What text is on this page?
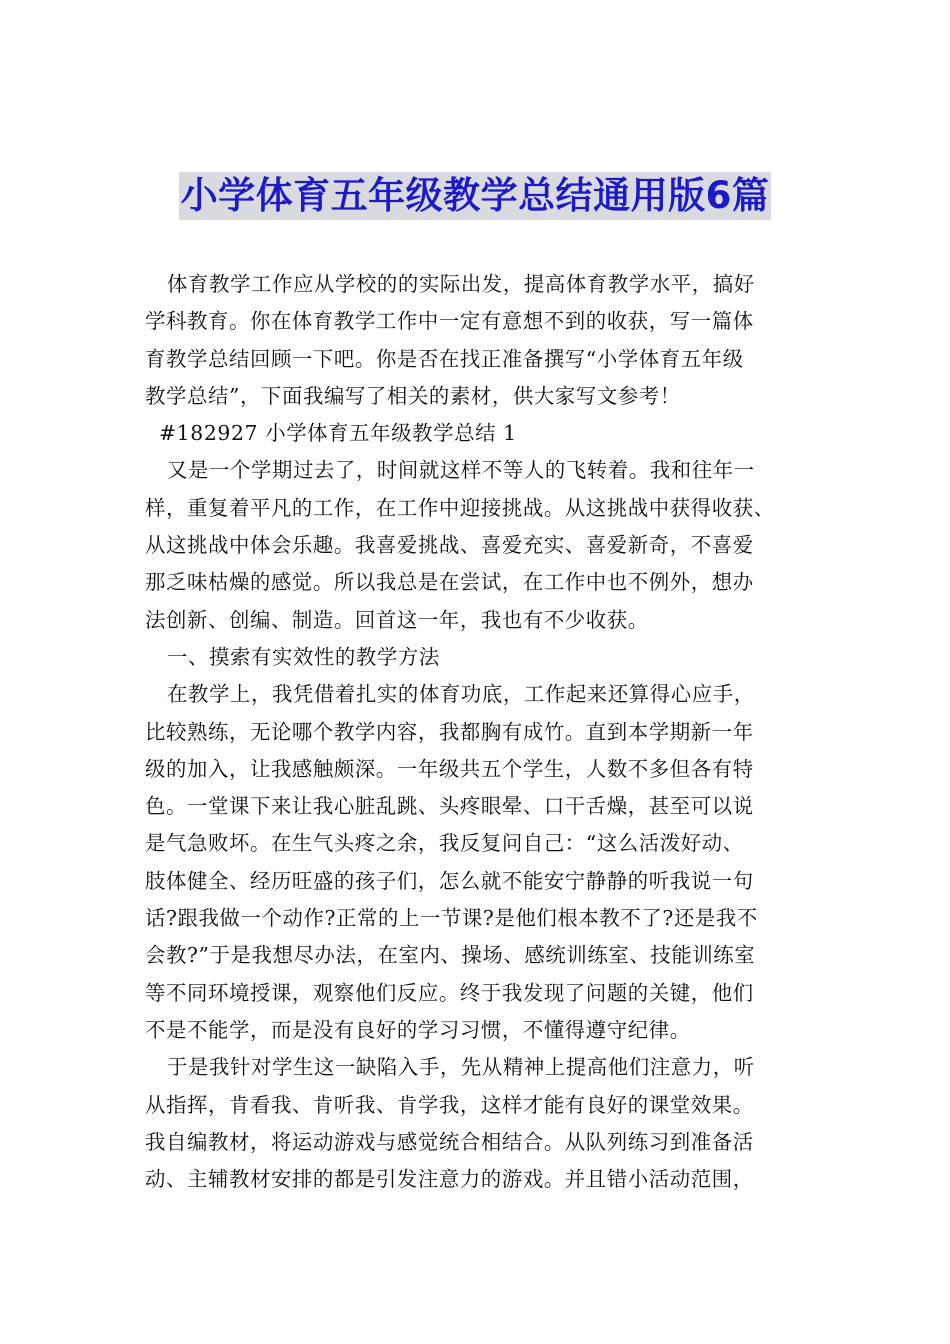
小学体育五年级教学总结通用版6篇
体育教学工作应从学校的的实际出发，提高体育教学水平，搞好
学科教育。你在体育教学工作中一定有意想不到的收获，写一篇体
育教学总结回顾一下吧。你是否在找正准备撰写“小学体育五年级
教学总结”，下面我编写了相关的素材，供大家写文参考！
#182927 小学体育五年级教学总结 1
又是一个学期过去了，时间就这样不等人的飞转着。我和往年一
样，重复着平凡的工作，在工作中迎接挑战。从这挑战中获得收获、
从这挑战中体会乐趣。我喜爱挑战、喜爱充实、喜爱新奇，不喜爱
那乏味枯燥的感觉。所以我总是在尝试，在工作中也不例外，想办
法创新、创编、制造。回首这一年，我也有不少收获。
一、摸索有实效性的教学方法
在教学上，我凭借着扎实的体育功底，工作起来还算得心应手，
比较熟练，无论哪个教学内容，我都胸有成竹。直到本学期新一年
级的加入，让我感触颇深。一年级共五个学生，人数不多但各有特
色。一堂课下来让我心脏乱跳、头疼眼晕、口干舌燥，甚至可以说
是气急败坏。在生气头疼之余，我反复问自己：“这么活泼好动、
肢体健全、经历旺盛的孩子们，怎么就不能安宁静静的听我说一句
话?跟我做一个动作?正常的上一节课?是他们根本教不了?还是我不
会教?”于是我想尽办法，在室内、操场、感统训练室、技能训练室
等不同环境授课，观察他们反应。终于我发现了问题的关键，他们
不是不能学，而是没有良好的学习习惯，不懂得遵守纪律。
于是我针对学生这一缺陷入手，先从精神上提高他们注意力，听
从指挥，肯看我、肯听我、肯学我，这样才能有良好的课堂效果。
我自编教材，将运动游戏与感觉统合相结合。从队列练习到准备活
动、主辅教材安排的都是引发注意力的游戏。并且错小活动范围，
